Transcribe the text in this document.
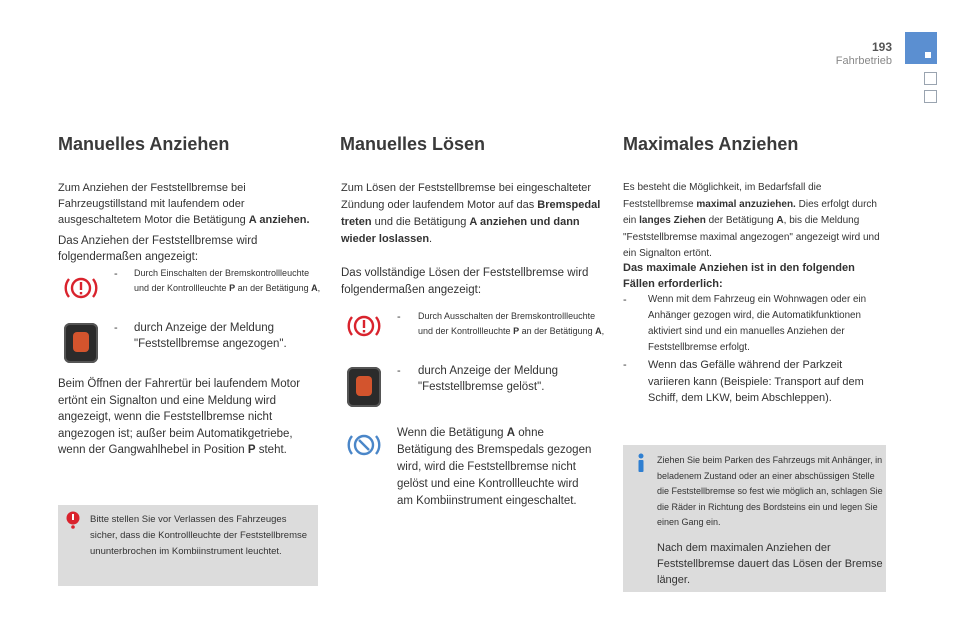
193
Fahrbetrieb
Manuelles Anziehen
Zum Anziehen der Feststellbremse bei Fahrzeugstillstand mit laufendem oder ausgeschaltetem Motor die Betätigung A anziehen.
Das Anziehen der Feststellbremse wird folgendermaßen angezeigt:
- Durch Einschalten der Bremskontrollleuchte und der Kontrollleuchte P an der Betätigung A,
- durch Anzeige der Meldung "Feststellbremse angezogen".
Beim Öffnen der Fahrertür bei laufendem Motor ertönt ein Signalton und eine Meldung wird angezeigt, wenn die Feststellbremse nicht angezogen ist; außer beim Automatikgetriebe, wenn der Gangwahlhebel in Position P steht.
Bitte stellen Sie vor Verlassen des Fahrzeuges sicher, dass die Kontrollleuchte der Feststellbremse ununterbrochen im Kombiinstrument leuchtet.
Manuelles Lösen
Zum Lösen der Feststellbremse bei eingeschalteter Zündung oder laufendem Motor auf das Bremspedal treten und die Betätigung A anziehen und dann wieder loslassen.
Das vollständige Lösen der Feststellbremse wird folgendermaßen angezeigt:
- Durch Ausschalten der Bremskontrollleuchte und der Kontrollleuchte P an der Betätigung A,
- durch Anzeige der Meldung "Feststellbremse gelöst".
Wenn die Betätigung A ohne Betätigung des Bremspedals gezogen wird, wird die Feststellbremse nicht gelöst und eine Kontrollleuchte wird am Kombiinstrument eingeschaltet.
Maximales Anziehen
Es besteht die Möglichkeit, im Bedarfsfall die Feststellbremse maximal anzuziehen. Dies erfolgt durch ein langes Ziehen der Betätigung A, bis die Meldung "Feststellbremse maximal angezogen" angezeigt wird und ein Signalton ertönt.
Das maximale Anziehen ist in den folgenden Fällen erforderlich:
- Wenn mit dem Fahrzeug ein Wohnwagen oder ein Anhänger gezogen wird, die Automatikfunktionen aktiviert sind und ein manuelles Anziehen der Feststellbremse erfolgt.
- Wenn das Gefälle während der Parkzeit variieren kann (Beispiele: Transport auf dem Schiff, dem LKW, beim Abschleppen).
Ziehen Sie beim Parken des Fahrzeugs mit Anhänger, in beladenem Zustand oder an einer abschüssigen Stelle die Feststellbremse so fest wie möglich an, schlagen Sie die Räder in Richtung des Bordsteins ein und legen Sie einen Gang ein.
Nach dem maximalen Anziehen der Feststellbremse dauert das Lösen der Bremse länger.
